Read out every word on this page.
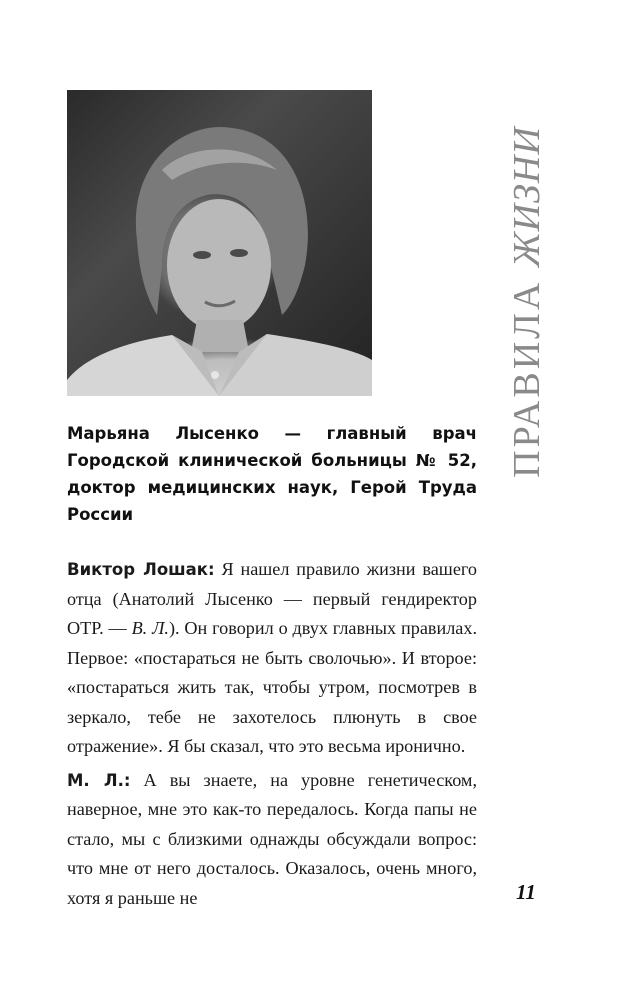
ПРАВИЛА ЖИЗНИ
Марьяна Лысенко — главный врач Городской клинической больницы № 52, доктор медицинских наук, Герой Труда России

Виктор Лошак: Я нашел правило жизни вашего отца (Анатолий Лысенко — первый гендиректор ОТР. — В. Л.). Он говорил о двух главных правилах. Первое: «постараться не быть сволочью». И второе: «постараться жить так, чтобы утром, посмотрев в зеркало, тебе не захотелось плюнуть в свое отражение». Я бы сказал, что это весьма иронично.

М. Л.: А вы знаете, на уровне генетическом, наверное, мне это как-то передалось. Когда папы не стало, мы с близкими однажды обсуждали вопрос: что мне от него досталось. Оказалось, очень много, хотя я раньше не	11
